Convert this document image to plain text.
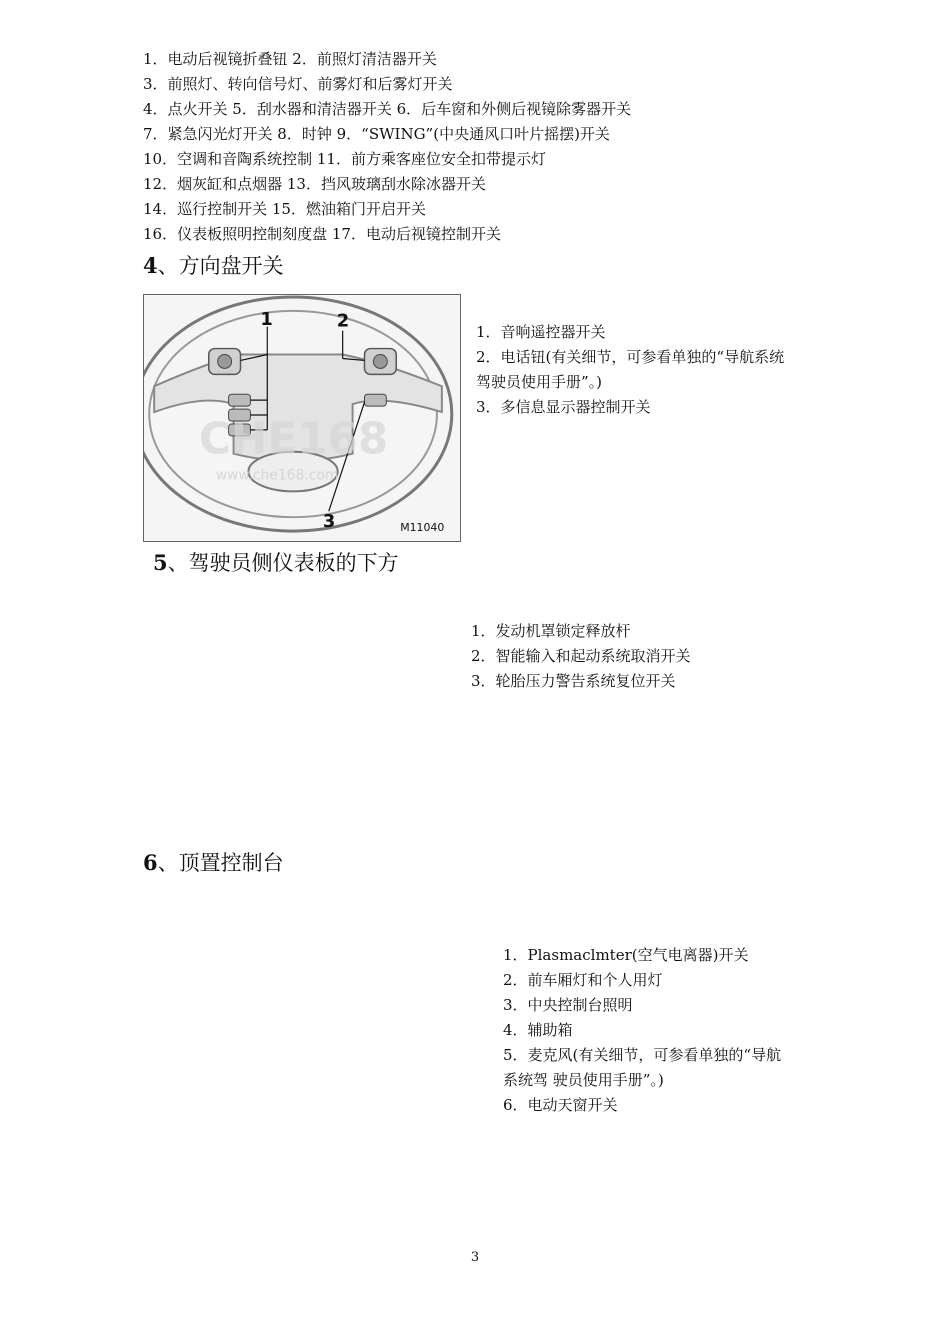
1．电动后视镜折叠钮 2．前照灯清洁器开关
3．前照灯、转向信号灯、前雾灯和后雾灯开关
4．点火开关 5．刮水器和清洁器开关 6．后车窗和外侧后视镜除雾器开关
7．紧急闪光灯开关 8．时钟 9．“SWING”(中央通风口叶片摇摆)开关
10．空调和音陶系统控制 11．前方乘客座位安全扣带提示灯
12．烟灰缸和点烟器 13．挡风玻璃刮水除冰器开关
14．巡行控制开关 15．燃油箱门开启开关
16．仪表板照明控制刻度盘 17．电动后视镜控制开关
4、方向盘开关
CHE168
www.che168.com
1	2
3	M11040
1．音响遥控器开关
2．电话钮(有关细节，可参看单独的“导航系统
驾驶员使用手册”。)
3．多信息显示器控制开关
5、驾驶员侧仪表板的下方
1．发动机罩锁定释放杆
2．智能输入和起动系统取消开关
3．轮胎压力警告系统复位开关
6、顶置控制台
1．Plasmaclmter(空气电离器)开关
2．前车厢灯和个人用灯
3．中央控制台照明
4．辅助箱
5．麦克风(有关细节，可参看单独的“导航
系统驾 驶员使用手册”。)
6．电动天窗开关
3
